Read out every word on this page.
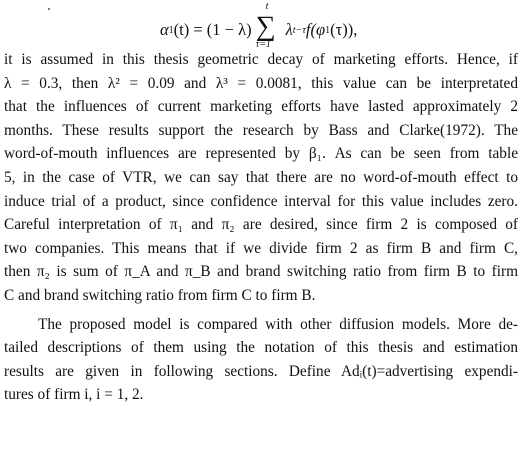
α 1 (t) = (1 − λ)
t
∑
τ=1
λ t−τ f(φ 1 (τ)),
it is assumed in this thesis geometric decay of marketing efforts. Hence, if
λ = 0.3, then λ² = 0.09 and λ³ = 0.0081, this value can be interpretated
that the influences of current marketing efforts have lasted approximately 2
months. These results support the research by Bass and Clarke(1972). The
word-of-mouth influences are represented by β₁. As can be seen from table
5, in the case of VTR, we can say that there are no word-of-mouth effect to
induce trial of a product, since confidence interval for this value includes zero.
Careful interpretation of π₁ and π₂ are desired, since firm 2 is composed of
two companies. This means that if we divide firm 2 as firm B and firm C,
then π₂ is sum of π_A and π_B and brand switching ratio from firm B to firm
C and brand switching ratio from firm C to firm B.
The proposed model is compared with other diffusion models. More de-
tailed descriptions of them using the notation of this thesis and estimation
results are given in following sections. Define Adᵢ(t)=advertising expendi-
tures of firm i, i = 1, 2.
